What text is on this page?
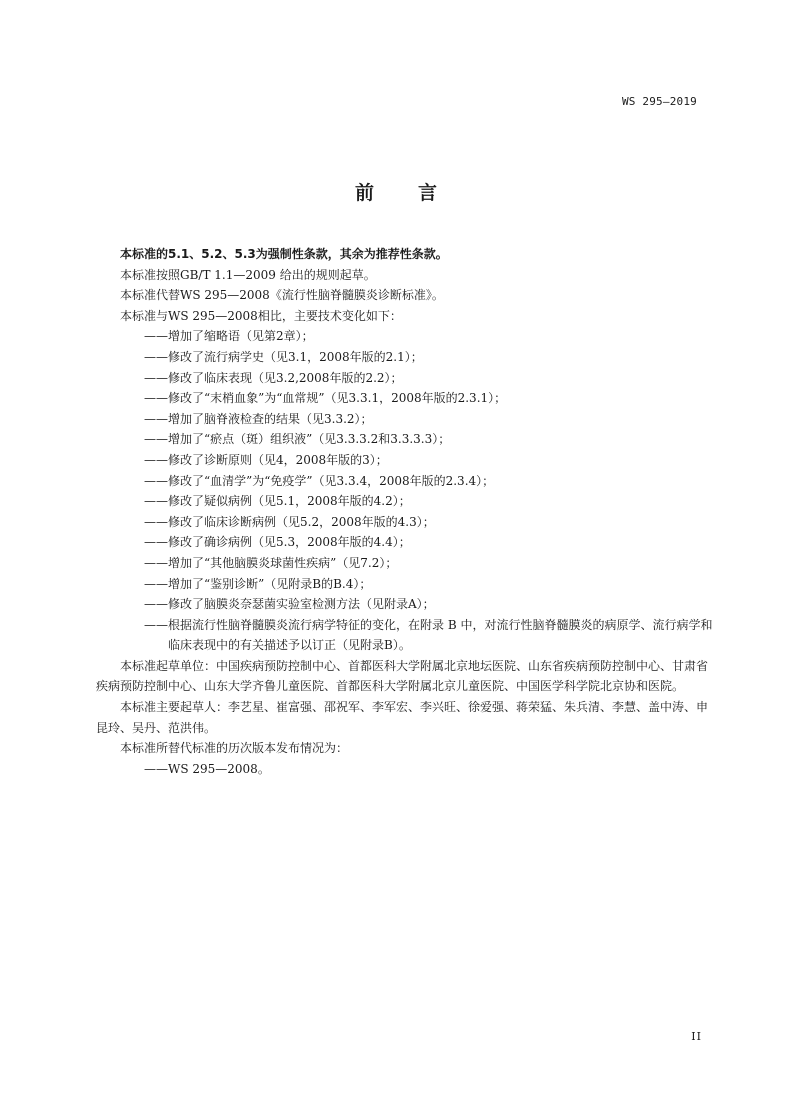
WS 295—2019
前言

本标准的5.1、5.2、5.3为强制性条款，其余为推荐性条款。

本标准按照GB/T 1.1—2009 给出的规则起草。

本标准代替WS 295—2008《流行性脑脊髓膜炎诊断标准》。

本标准与WS 295—2008相比，主要技术变化如下：

——增加了缩略语（见第2章）；

——修改了流行病学史（见3.1，2008年版的2.1）；

——修改了临床表现（见3.2,2008年版的2.2）；

——修改了“末梢血象”为“血常规”（见3.3.1，2008年版的2.3.1）；

——增加了脑脊液检查的结果（见3.3.2）；

——增加了“瘀点（斑）组织液”（见3.3.3.2和3.3.3.3）；

——修改了诊断原则（见4，2008年版的3）；

——修改了“血清学”为“免疫学”（见3.3.4，2008年版的2.3.4）；

——修改了疑似病例（见5.1，2008年版的4.2）；

——修改了临床诊断病例（见5.2，2008年版的4.3）；

——修改了确诊病例（见5.3，2008年版的4.4）；

——增加了“其他脑膜炎球菌性疾病”（见7.2）；

——增加了“鉴别诊断”（见附录B的B.4）；

——修改了脑膜炎奈瑟菌实验室检测方法（见附录A）；

——根据流行性脑脊髓膜炎流行病学特征的变化，在附录 B 中，对流行性脑脊髓膜炎的病原学、流行病学和临床表现中的有关描述予以订正（见附录B）。

本标准起草单位：中国疾病预防控制中心、首都医科大学附属北京地坛医院、山东省疾病预防控制中心、甘肃省疾病预防控制中心、山东大学齐鲁儿童医院、首都医科大学附属北京儿童医院、中国医学科学院北京协和医院。

本标准主要起草人：李艺星、崔富强、邵祝军、李军宏、李兴旺、徐爱强、蒋荣猛、朱兵清、李慧、盖中涛、申昆玲、吴丹、范洪伟。

本标准所替代标准的历次版本发布情况为：

——WS 295—2008。

II
